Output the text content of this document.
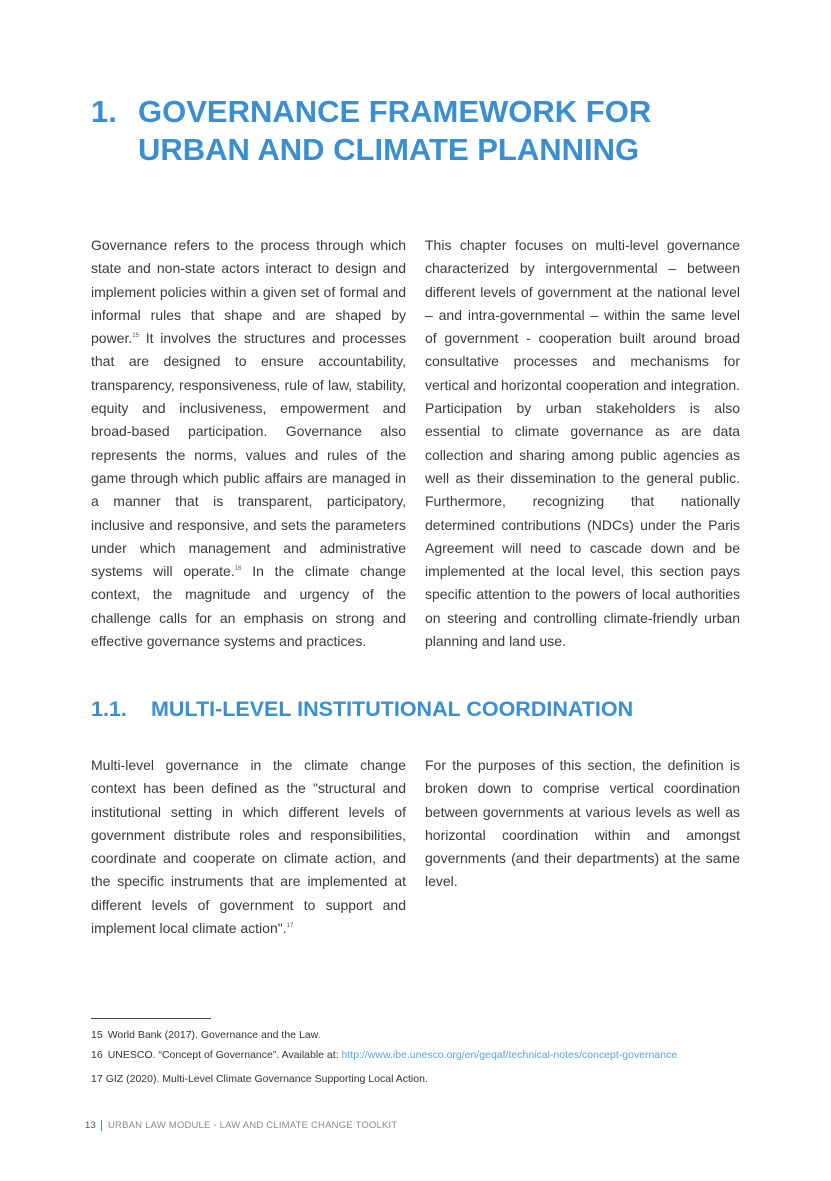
1. GOVERNANCE FRAMEWORK FOR
URBAN AND CLIMATE PLANNING

Governance refers to the process through which state and non-state actors interact to design and implement policies within a given set of formal and informal rules that shape and are shaped by power.$^{15}$ It involves the structures and processes that are designed to ensure accountability, transparency, responsiveness, rule of law, stability, equity and inclusiveness, empowerment and broad-based participation. Governance also represents the norms, values and rules of the game through which public affairs are managed in a manner that is transparent, participatory, inclusive and responsive, and sets the parameters under which management and administrative systems will operate.$^{16}$ In the climate change context, the magnitude and urgency of the challenge calls for an emphasis on strong and effective governance systems and practices.

This chapter focuses on multi-level governance characterized by intergovernmental – between different levels of government at the national level – and intra-governmental – within the same level of government - cooperation built around broad consultative processes and mechanisms for vertical and horizontal cooperation and integration. Participation by urban stakeholders is also essential to climate governance as are data collection and sharing among public agencies as well as their dissemination to the general public. Furthermore, recognizing that nationally determined contributions (NDCs) under the Paris Agreement will need to cascade down and be implemented at the local level, this section pays specific attention to the powers of local authorities on steering and controlling climate-friendly urban planning and land use.

1.1.	MULTI-LEVEL INSTITUTIONAL COORDINATION

Multi-level governance in the climate change context has been defined as the "structural and institutional setting in which different levels of government distribute roles and responsibilities, coordinate and cooperate on climate action, and the specific instruments that are implemented at different levels of government to support and implement local climate action".$^{17}$

For the purposes of this section, the definition is broken down to comprise vertical coordination between governments at various levels as well as horizontal coordination within and amongst governments (and their departments) at the same level.

15 World Bank (2017). Governance and the Law.
16 UNESCO. “Concept of Governance”. Available at: http://www.ibe.unesco.org/en/geqaf/technical-notes/concept-governance
17 GIZ (2020). Multi-Level Climate Governance Supporting Local Action.
13 URBAN LAW MODULE - LAW AND CLIMATE CHANGE TOOLKIT
